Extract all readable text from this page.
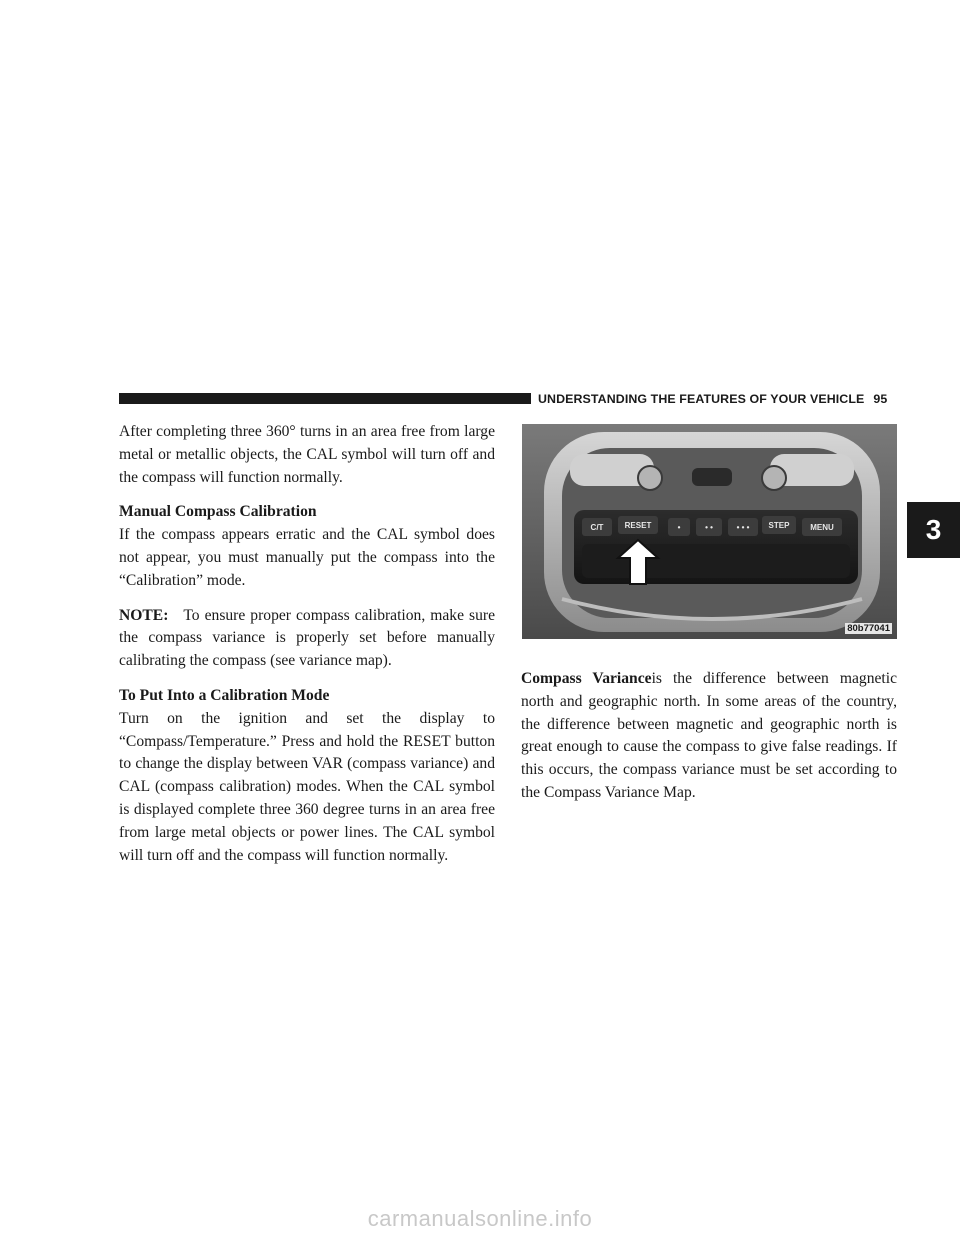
UNDERSTANDING THE FEATURES OF YOUR VEHICLE 95
3

After completing three 360° turns in an area free from large metal or metallic objects, the CAL symbol will turn off and the compass will function normally.

Manual Compass Calibration

If the compass appears erratic and the CAL symbol does not appear, you must manually put the compass into the “Calibration” mode.

NOTE: To ensure proper compass calibration, make sure the compass variance is properly set before manually calibrating the compass (see variance map).

To Put Into a Calibration Mode

Turn on the ignition and set the display to “Compass/Temperature.” Press and hold the RESET button to change the display between VAR (compass variance) and CAL (compass calibration) modes. When the CAL symbol is displayed complete three 360 degree turns in an area free from large metal objects or power lines. The CAL symbol will turn off and the compass will function normally.

C/T	RESET	•	• •	• • • STEP	MENU
80b77041

Compass Varianceis the difference between magnetic north and geographic north. In some areas of the country, the difference between magnetic and geographic north is great enough to cause the compass to give false readings. If this occurs, the compass variance must be set according to the Compass Variance Map.

carmanualsonline.info
